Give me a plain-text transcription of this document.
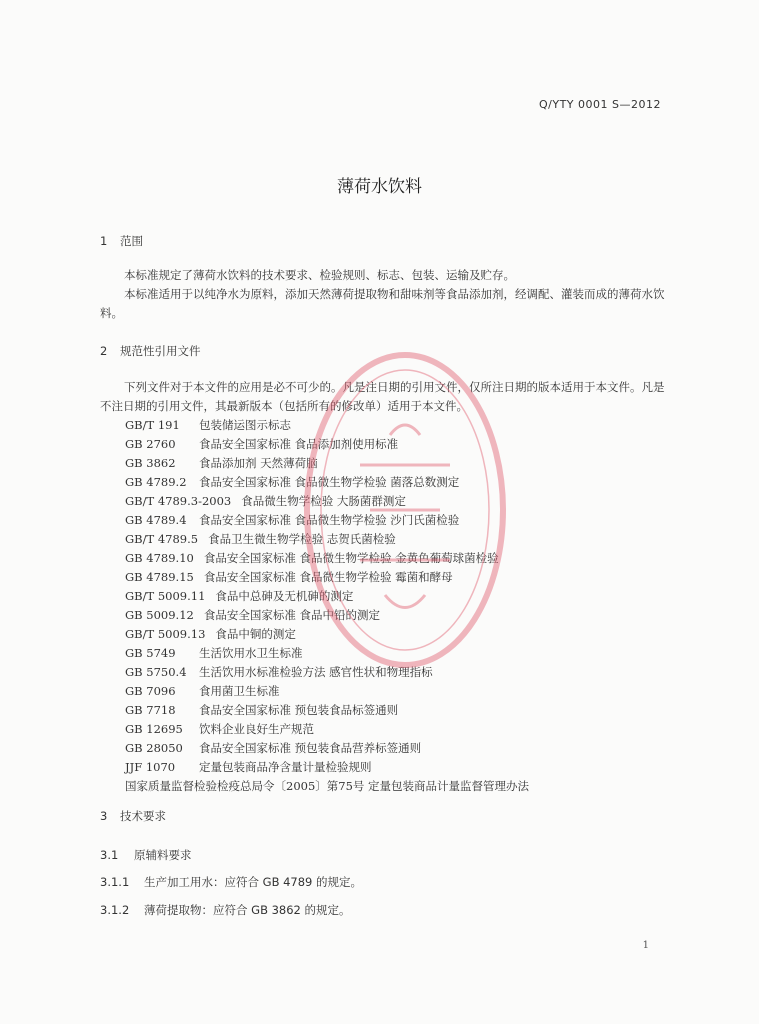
Q/YTY 0001 S—2012
薄荷水饮料
1 范围
本标准规定了薄荷水饮料的技术要求、检验规则、标志、包装、运输及贮存。
本标准适用于以纯净水为原料，添加天然薄荷提取物和甜味剂等食品添加剂，经调配、灌装而成的薄荷水饮料。
2 规范性引用文件
下列文件对于本文件的应用是必不可少的。凡是注日期的引用文件，仅所注日期的版本适用于本文件。凡是不注日期的引用文件，其最新版本（包括所有的修改单）适用于本文件。
GB/T 191 包装储运图示标志
GB 2760 食品安全国家标准 食品添加剂使用标准
GB 3862 食品添加剂 天然薄荷脑
GB 4789.2 食品安全国家标准 食品微生物学检验 菌落总数测定
GB/T 4789.3-2003 食品微生物学检验 大肠菌群测定
GB 4789.4 食品安全国家标准 食品微生物学检验 沙门氏菌检验
GB/T 4789.5 食品卫生微生物学检验 志贺氏菌检验
GB 4789.10 食品安全国家标准 食品微生物学检验 金黄色葡萄球菌检验
GB 4789.15 食品安全国家标准 食品微生物学检验 霉菌和酵母
GB/T 5009.11 食品中总砷及无机砷的测定
GB 5009.12 食品安全国家标准 食品中铅的测定
GB/T 5009.13 食品中铜的测定
GB 5749 生活饮用水卫生标准
GB 5750.4 生活饮用水标准检验方法 感官性状和物理指标
GB 7096 食用菌卫生标准
GB 7718 食品安全国家标准 预包装食品标签通则
GB 12695 饮料企业良好生产规范
GB 28050 食品安全国家标准 预包装食品营养标签通则
JJF 1070 定量包装商品净含量计量检验规则
国家质量监督检验检疫总局令〔2005〕第75号 定量包装商品计量监督管理办法
3 技术要求
3.1 原辅料要求
3.1.1 生产加工用水：应符合 GB 4789 的规定。
3.1.2 薄荷提取物：应符合 GB 3862 的规定。
1
